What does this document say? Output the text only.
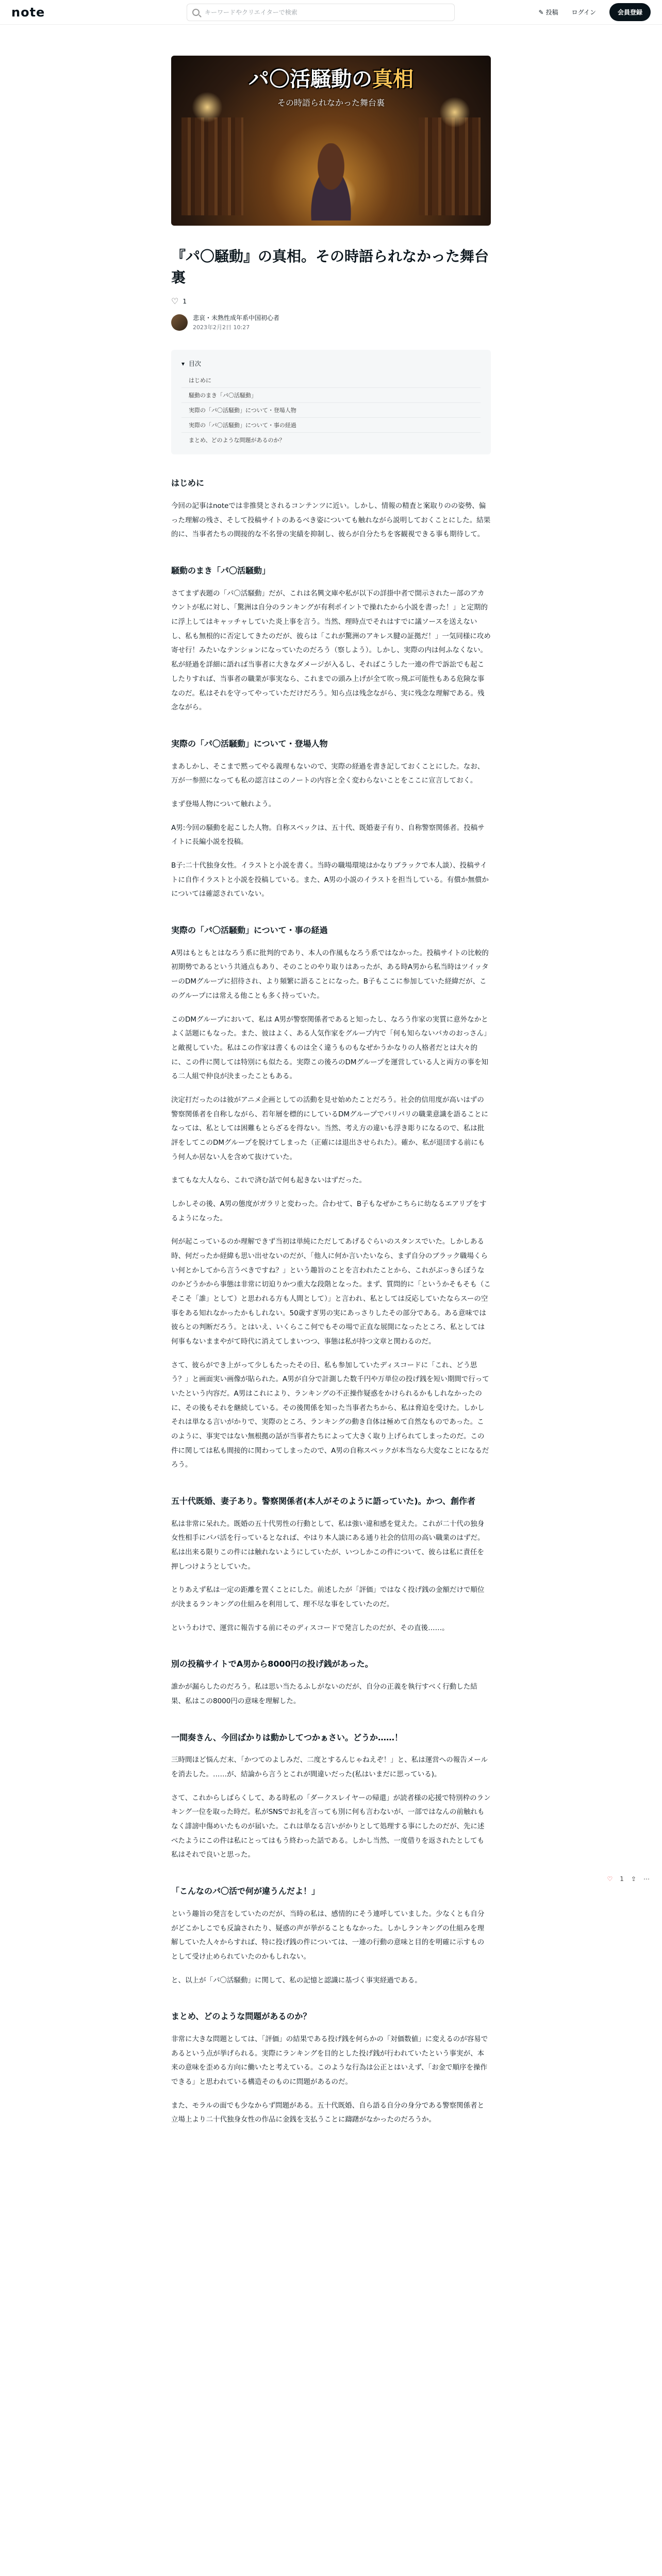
note	キーワードやクリエイターで検索	✎ 投稿 ログイン	会員登録
パ〇活騒動の真相
その時語られなかった舞台裏
『パ〇騒動』の真相。その時語られなかった舞台裏
♡ 1
悲哀・未熟性成年系中国初心者
2023年2月2日 10:27
▾ 目次
はじめに
騒動のまき「パ〇活騒動」
実際の「パ〇活騒動」について・登場人物
実際の「パ〇活騒動」について・事の経過
まとめ、どのような問題があるのか？
はじめに

今回の記事はnoteでは非推奨とされるコンテンツに近い。しかし、情報の精査と案取りのの姿勢、偏った理解の残さ、そして投稿サイトのあるべき姿についても触れながら説明しておくことにした。結果的に、当事者たちの間接的な不名誉の実績を抑制し、彼らが自分たちを客観視できる事も期待して。

騒動のまき「パ〇活騒動」

さてまず表題の「パ〇活騒動」だが、これは名興文庫や私が以下の詳掛中者で開示されたー部のアカウントが私に対し、「驚洲は自分のランキングが有利ポイントで操れたから小説を書った！」と定期的に浮上してはキャッチャしていた炎上事を言う。当然、理時点でそれはすでに議ソースを送えないし、私も無根的に否定してきたのだが、彼らは「これが驚洲のアキレス腱の証拠だ！」一気同様に攻め寄せ行！みたいなテンションになっていたのだろう（察しよう）。しかし、実際の内は何ふなくない。私が経過を詳細に語れば当事者に大きなダメージが入るし、そればこうした一連の件で訴訟でも起こしたりすれば、当事者の職業が事実なら、これまでの頭み上げが全て吹っ飛ぶ可能性もある危険な事なのだ。私はそれを守ってやっていただけだろう。知ら点は残念ながら、実に残念な理解である。残念ながら。

実際の「パ〇活騒動」について・登場人物

まあしかし、そこまで黙ってやる義理もないので、実際の経過を書き記しておくことにした。なお、万が一参照になっても私の認言はこのノートの内容と全く変わらないことをここに宣言しておく。

まず登場人物について触れよう。

A男:今回の騒動を起こした人物。自称スペックは、五十代、既婚妻子有り、自称警察関係者。投稿サイトに長編小説を投稿。

B子:二十代独身女性。イラストと小説を書く。当時の職場環境はかなりブラックで本人談）、投稿サイトに自作イラストと小説を投稿している。また、A男の小説のイラストを担当している。有償か無償かについては確認されていない。

実際の「パ〇活騒動」について・事の経過

A男はもともとはなろう系に批判的であり、本人の作風もなろう系ではなかった。投稿サイトの比較的初期勢であるという共通点もあり、そのことのやり取りはあったが、ある時A男から私当時はツイッターのDMグループに招待され、より頻繁に語ることになった。B子もここに参加していた経緯だが、このグループには常える他ことも多く持っていた。

このDMグループにおいて、私は A男が警察関係者であると知ったし、なろう作家の実質に意外なかとよく話題にもなった。また、彼はよく、ある人気作家をグループ内で「何も知らないバカのおっさん」と敵視していた。私はこの作家は書くものは全く違うものもなぜかうかなりの人格者だとは大々的に、この件に関しては特別にも似たる。実際この後ろのDMグループを運営している人と両方の事を知る二人組で仲良が決まったこともある。

決定打だったのは彼がアニメ企画としての活動を見せ始めたことだろう。社会的信用度が高いはずの警察関係者を自称しながら、若年層を標的にしているDMグループでバリバリの職業意識を語ることになっては、私としては困難もとらざるを得ない。当然、考え方の違いも浮き彫りになるので、私は批評をしてこのDMグループを脱けてしまった（正確には退出させられた）。確か、私が退団する前にもう何人か居ない人を含めて抜けていた。

まてもな大人なら、これで済む話で何も起きないはずだった。

しかしその後、A男の態度がガラリと変わった。合わせて、B子もなぜかこちらに幼なるエアリプをするようになった。

何が起こっているのか理解できず当初は単純にただしてあげるぐらいのスタンスでいた。しかしある時、何だったか経緯も思い出せないのだが、「他人に何か言いたいなら、まず自分のブラック職場くらい何とかしてから言うべきですね？」という趣旨のことを言われたことから、これがぶっきらぼうなのかどうかから事態は非常に切迫りかつ重大な段階となった。まず、質問的に「というかそもそも（こそこそ「誰」として）と思われる方も人間として）」と言われ、私としては反応していたならスーの空事をある知れなかったかもしれない。50歳すぎ男の実にあっさりしたその部分である。ある意味では彼らとの判断だろう。とはいえ、いくらここ何でもその場で正直な展開になったところ、私としては何事もないままやがて時代に消えてしまいつつ、事態は私が持つ文章と関わるのだ。

さて、彼らができ上がって少しもたったその日、私も参加していたディスコードに「これ、どう思う？」と画面実い画像が貼られた。A男が自分で計測した数千円や万単位の投げ銭を短い期間で行っていたという内容だ。A男はこれにより、ランキングの不正操作疑惑をかけられるかもしれなかったのに、その後もそれを継続している。その後関係を知った当事者たちから、私は脅迫を受けた。しかしそれは単なる言いがかりで、実際のところ、ランキングの動き自体は極めて自然なものであった。このように、事実ではない無根拠の話が当事者たちによって大きく取り上げられてしまったのだ。この件に関しては私も間接的に関わってしまったので、A男の自称スペックが本当なら大変なことになるだろう。

五十代既婚、妻子あり。警察関係者(本人がそのように語っていた)。かつ、創作者

私は非常に呆れた。既婚の五十代男性の行動として、私は強い違和感を覚えた。これが二十代の独身女性相手にパパ活を行っているとなれば、やはり本人談にある通り社会的信用の高い職業のはずだ。私は出来る限りこの件には触れないようにしていたが、いつしかこの件について、彼らは私に責任を押しつけようとしていた。

とりあえず私は一定の距離を置くことにした。前述したが「評価」ではなく投げ銭の金額だけで順位が決まるランキングの仕組みを利用して、理不尽な事をしていたのだ。

というわけで、運営に報告する前にそのディスコードで発言したのだが、その直後……。

別の投稿サイトでA男から8000円の投げ銭があった。

誰かが漏らしたのだろう。私は思い当たるふしがないのだが、自分の正義を執行すべく行動した結果、私はこの8000円の意味を理解した。

一間奏きん、今回ばかりは動かしてつかぁさい。どうか……！

三時間ほど悩んだ末、「かつてのよしみだ、二度とするんじゃねえぞ！」と、私は運営への報告メールを消去した。……が、結論から言うとこれが間違いだった(私はいまだに思っている)。

さて、これからしばらくして、ある時私の「ダークスレイヤーの帰還」が読者様の応援で特別枠のランキング一位を取った時だ。私がSNSでお礼を言っても別に何も言わないが、一部ではなんの前触れもなく誹謗中傷めいたものが届いた。これは単なる言いがかりとして処理する事にしたのだが、先に述べたようにこの件は私にとってはもう終わった話である。しかし当然、一度借りを返されたとしても私はそれで良いと思った。

「こんなのパ〇活で何が違うんだよ！」

という趣旨の発言をしていたのだが、当時の私は、感情的にそう連呼していました。少なくとも自分がどこかしこでも反論されたり、疑惑の声が挙がることもなかった。しかしランキングの仕組みを理解していた人々からすれば、特に投げ銭の件については、一連の行動の意味と目的を明確に示すものとして受け止められていたのかもしれない。

と、以上が「パ〇活騒動」に関して、私の記憶と認識に基づく事実経過である。

まとめ、どのような問題があるのか？

非常に大きな問題としては、「評価」の結果である投げ銭を何らかの「対価数値」に変えるのが容易であるという点が挙げられる。実際にランキングを目的とした投げ銭が行われていたという事実が、本来の意味を歪める方向に働いたと考えている。このような行為は公正とはいえず、「お金で順序を操作できる」と思われている構造そのものに問題があるのだ。

また、モラルの面でも少なからず問題がある。五十代既婚、自ら語る自分の身分である警察関係者と立場上より二十代独身女性の作品に金銭を支払うことに躊躇がなかったのだろうか。

♡ 1 ⇪ ⋯
